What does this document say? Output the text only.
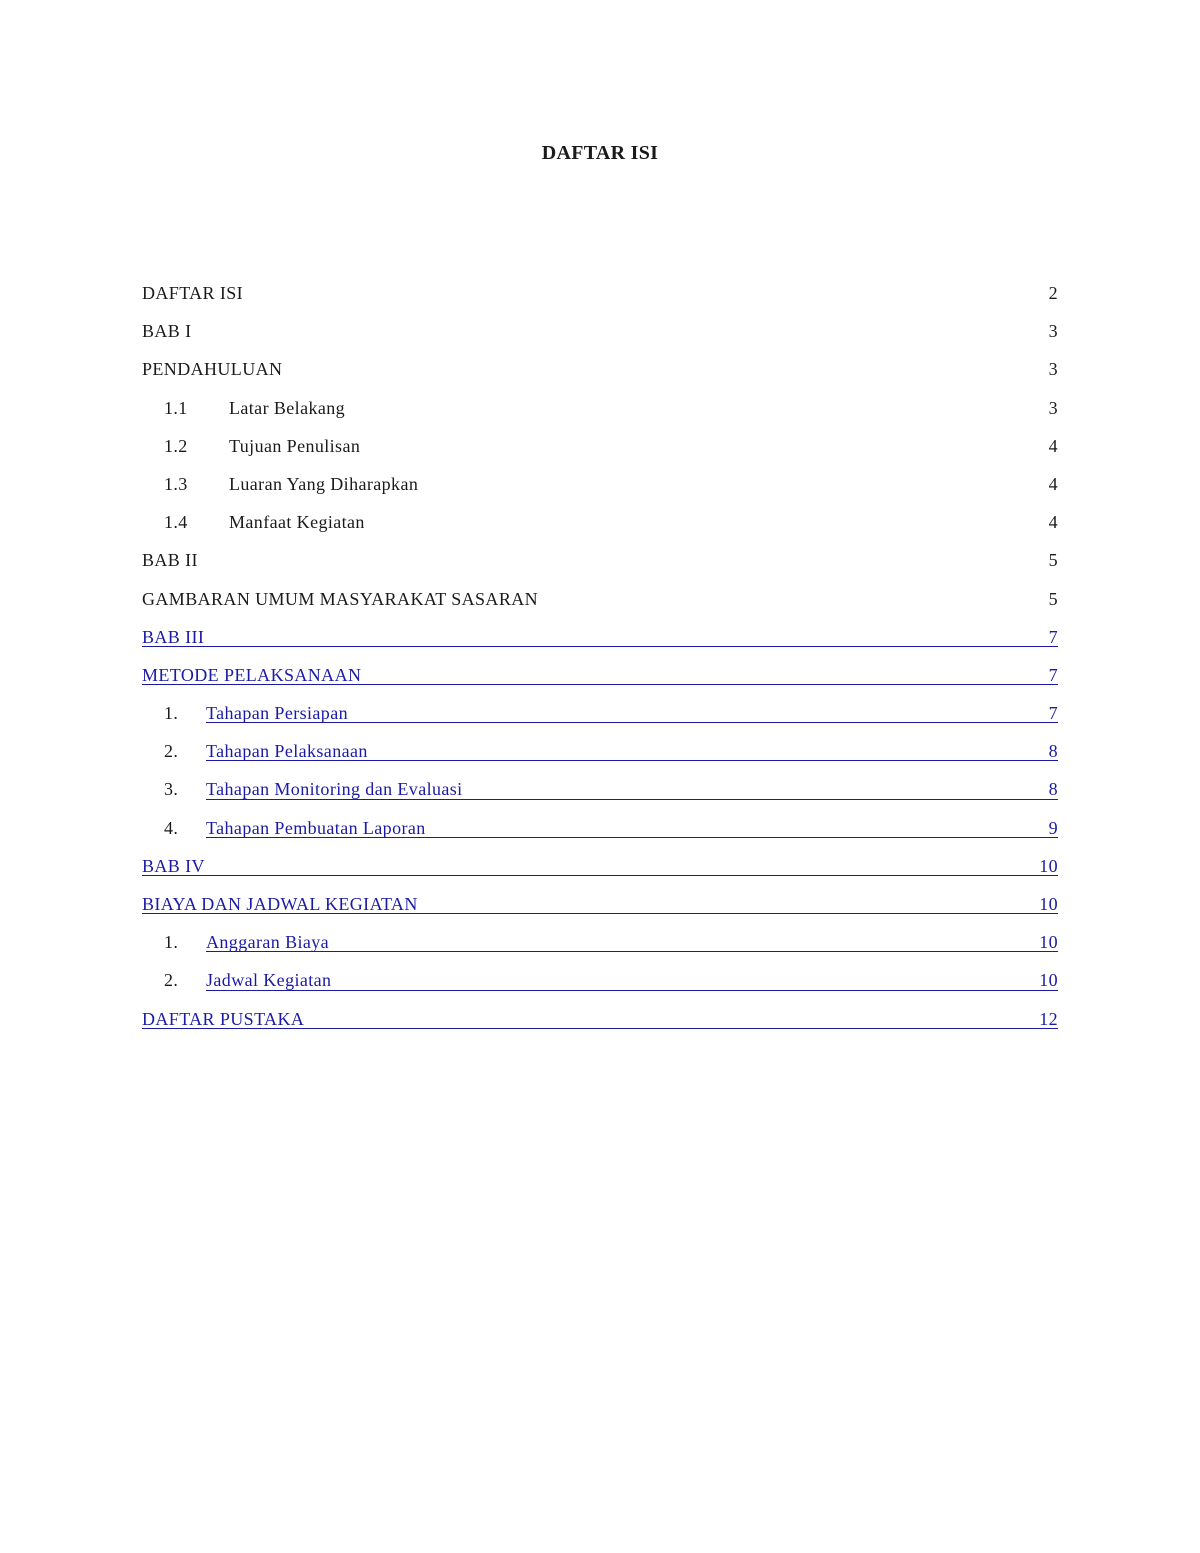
DAFTAR ISI
DAFTAR ISI	2
BAB I	3
PENDAHULUAN	3
1.1 Latar Belakang	3
1.2 Tujuan Penulisan	4
1.3 Luaran Yang Diharapkan	4
1.4 Manfaat Kegiatan	4
BAB II	5
GAMBARAN UMUM MASYARAKAT SASARAN	5
BAB III	7
METODE PELAKSANAAN	7
1. Tahapan Persiapan	7
2. Tahapan Pelaksanaan	8
3. Tahapan Monitoring dan Evaluasi	8
4. Tahapan Pembuatan Laporan	9
BAB IV	10
BIAYA DAN JADWAL KEGIATAN	10
1. Anggaran Biaya	10
2. Jadwal Kegiatan	10
DAFTAR PUSTAKA	12
